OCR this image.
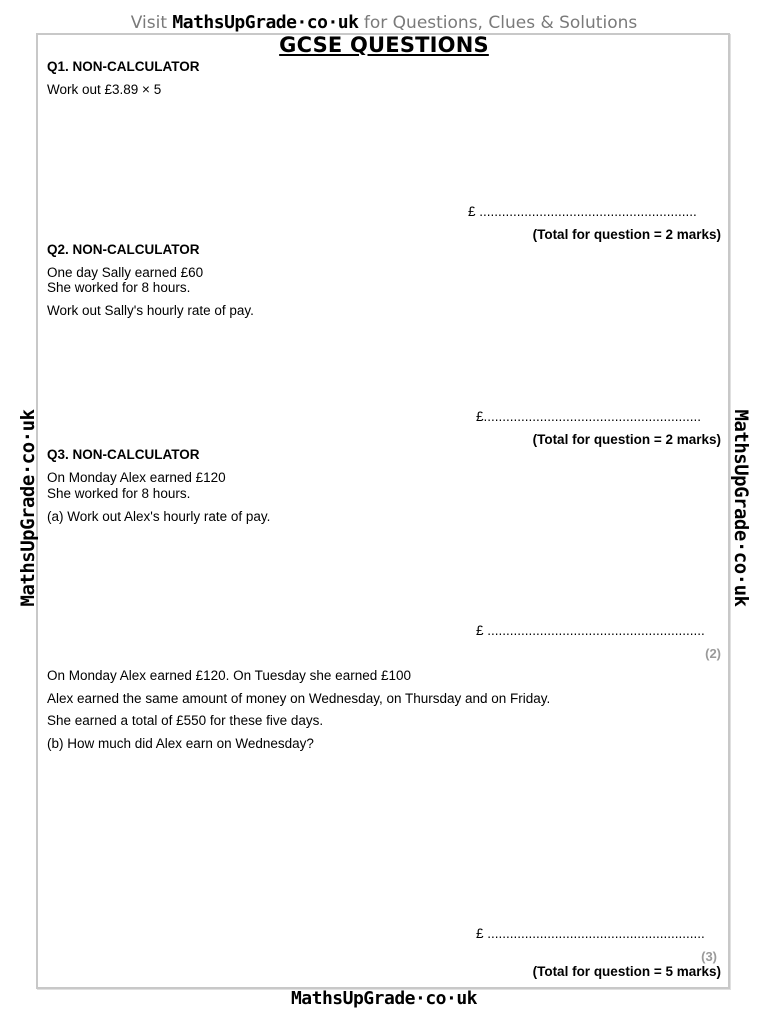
Visit MathsUpGrade·co·uk for Questions, Clues & Solutions
GCSE QUESTIONS
Q1. NON-CALCULATOR
Work out £3.89 × 5
£ ..........................................................
(Total for question = 2 marks)
Q2. NON-CALCULATOR
One day Sally earned £60
She worked for 8 hours.
Work out Sally's hourly rate of pay.
£..........................................................
(Total for question = 2 marks)
Q3. NON-CALCULATOR
On Monday Alex earned £120
She worked for 8 hours.
(a) Work out Alex's hourly rate of pay.
£ ..........................................................
(2)
On Monday Alex earned £120. On Tuesday she earned £100
Alex earned the same amount of money on Wednesday, on Thursday and on Friday.
She earned a total of £550 for these five days.
(b) How much did Alex earn on Wednesday?
£ ..........................................................
(3)
(Total for question = 5 marks)
MathsUpGrade·co·uk	MathsUpGrade·co·uk
MathsUpGrade·co·uk
